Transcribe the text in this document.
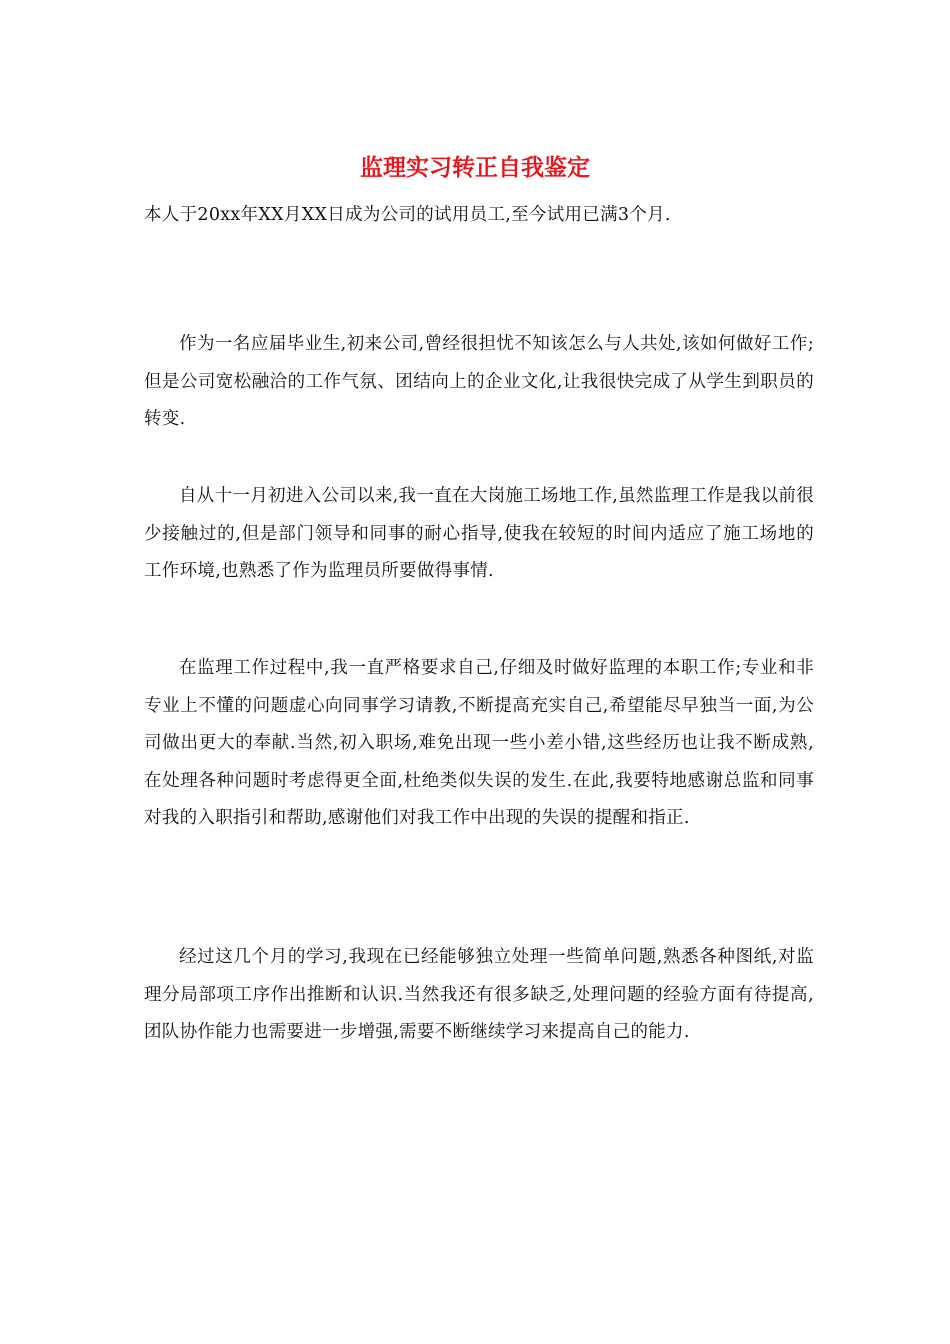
监理实习转正自我鉴定

本人于20xx年XX月XX日成为公司的试用员工,至今试用已满3个月.

作为一名应届毕业生,初来公司,曾经很担忧不知该怎么与人共处,该如何做好工作;但是公司宽松融洽的工作气氛、团结向上的企业文化,让我很快完成了从学生到职员的转变.

自从十一月初进入公司以来,我一直在大岗施工场地工作,虽然监理工作是我以前很少接触过的,但是部门领导和同事的耐心指导,使我在较短的时间内适应了施工场地的工作环境,也熟悉了作为监理员所要做得事情.

在监理工作过程中,我一直严格要求自己,仔细及时做好监理的本职工作;专业和非专业上不懂的问题虚心向同事学习请教,不断提高充实自己,希望能尽早独当一面,为公司做出更大的奉献.当然,初入职场,难免出现一些小差小错,这些经历也让我不断成熟,在处理各种问题时考虑得更全面,杜绝类似失误的发生.在此,我要特地感谢总监和同事对我的入职指引和帮助,感谢他们对我工作中出现的失误的提醒和指正.

经过这几个月的学习,我现在已经能够独立处理一些简单问题,熟悉各种图纸,对监理分局部项工序作出推断和认识.当然我还有很多缺乏,处理问题的经验方面有待提高,团队协作能力也需要进一步增强,需要不断继续学习来提高自己的能力.
